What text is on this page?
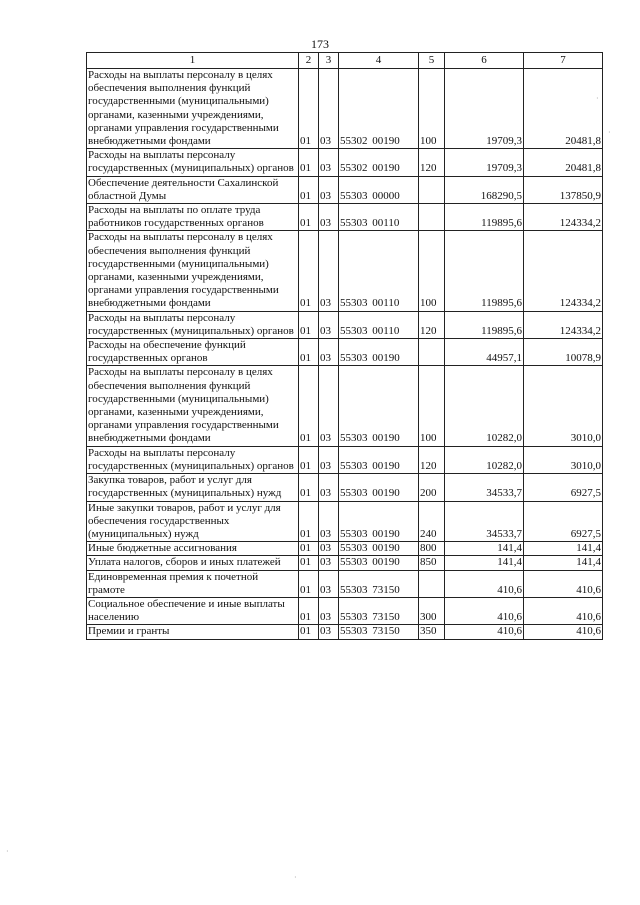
173
1	2	3	4	5	6	7
Расходы на выплаты персоналу в целях обеспечения выполнения функций государственными (муниципальными) органами, казенными учреждениями, органами управления государственными внебюджетными фондами	01	03	55302 00190	100	19709,3	20481,8
Расходы на выплаты персоналу государственных (муниципальных) органов	01	03	55302 00190	120	19709,3	20481,8
Обеспечение деятельности Сахалинской областной Думы	01	03	55303 00000		168290,5	137850,9
Расходы на выплаты по оплате труда работников государственных органов	01	03	55303 00110		119895,6	124334,2
Расходы на выплаты персоналу в целях обеспечения выполнения функций государственными (муниципальными) органами, казенными учреждениями, органами управления государственными внебюджетными фондами	01	03	55303 00110	100	119895,6	124334,2
Расходы на выплаты персоналу государственных (муниципальных) органов	01	03	55303 00110	120	119895,6	124334,2
Расходы на обеспечение функций государственных органов	01	03	55303 00190		44957,1	10078,9
Расходы на выплаты персоналу в целях обеспечения выполнения функций государственными (муниципальными) органами, казенными учреждениями, органами управления государственными внебюджетными фондами	01	03	55303 00190	100	10282,0	3010,0
Расходы на выплаты персоналу государственных (муниципальных) органов	01	03	55303 00190	120	10282,0	3010,0
Закупка товаров, работ и услуг для государственных (муниципальных) нужд	01	03	55303 00190	200	34533,7	6927,5
Иные закупки товаров, работ и услуг для обеспечения государственных (муниципальных) нужд	01	03	55303 00190	240	34533,7	6927,5
Иные бюджетные ассигнования	01	03	55303 00190	800	141,4	141,4
Уплата налогов, сборов и иных платежей	01	03	55303 00190	850	141,4	141,4
Единовременная премия к почетной грамоте	01	03	55303 73150		410,6	410,6
Социальное обеспечение и иные выплаты населению	01	03	55303 73150	300	410,6	410,6
Премии и гранты	01	03	55303 73150	350	410,6	410,6
·
·
·
·
